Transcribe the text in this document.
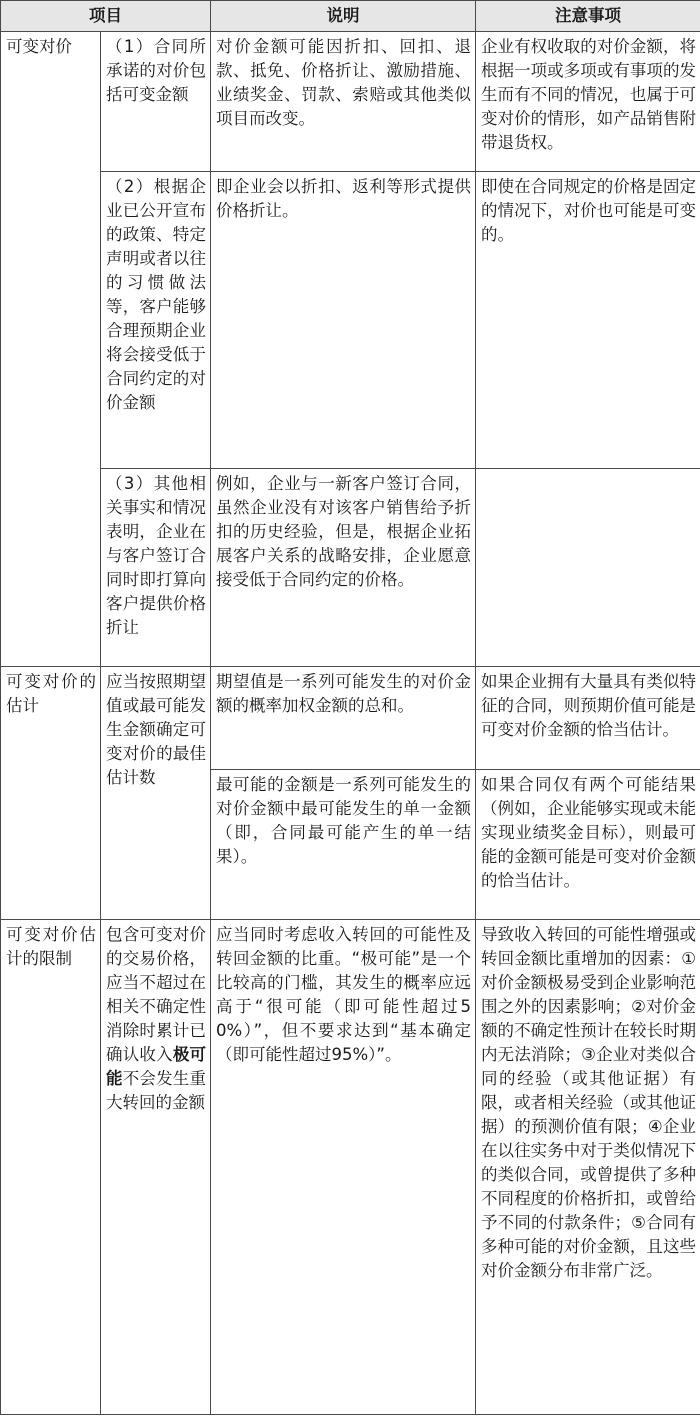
项目		说明	注意事项
可变对价	（1）合同所承诺的对价包括可变金额	对价金额可能因折扣、回扣、退款、抵免、价格折让、激励措施、业绩奖金、罚款、索赔或其他类似项目而改变。	企业有权收取的对价金额，将根据一项或多项或有事项的发生而有不同的情况，也属于可变对价的情形，如产品销售附带退货权。
	（2）根据企业已公开宣布的政策、特定声明或者以往的习惯做法等，客户能够合理预期企业将会接受低于合同约定的对价金额	即企业会以折扣、返利等形式提供价格折让。	即使在合同规定的价格是固定的情况下，对价也可能是可变的。
	（3）其他相关事实和情况表明，企业在与客户签订合同时即打算向客户提供价格折让	例如，企业与一新客户签订合同，虽然企业没有对该客户销售给予折扣的历史经验，但是，根据企业拓展客户关系的战略安排，企业愿意接受低于合同约定的价格。	
可变对价的估计	应当按照期望值或最可能发生金额确定可变对价的最佳估计数	期望值是一系列可能发生的对价金额的概率加权金额的总和。	如果企业拥有大量具有类似特征的合同，则预期价值可能是可变对价金额的恰当估计。
		最可能的金额是一系列可能发生的对价金额中最可能发生的单一金额（即，合同最可能产生的单一结果）。	如果合同仅有两个可能结果（例如，企业能够实现或未能实现业绩奖金目标），则最可能的金额可能是可变对价金额的恰当估计。
可变对价估计的限制	包含可变对价的交易价格，应当不超过在相关不确定性消除时累计已确认收入极可能不会发生重大转回的金额	应当同时考虑收入转回的可能性及转回金额的比重。“极可能”是一个比较高的门槛，其发生的概率应远高于“很可能（即可能性超过50%）”，但不要求达到“基本确定（即可能性超过95%）”。	导致收入转回的可能性增强或转回金额比重增加的因素：①对价金额极易受到企业影响范围之外的因素影响；②对价金额的不确定性预计在较长时期内无法消除；③企业对类似合同的经验（或其他证据）有限，或者相关经验（或其他证据）的预测价值有限；④企业在以往实务中对于类似情况下的类似合同，或曾提供了多种不同程度的价格折扣，或曾给予不同的付款条件；⑤合同有多种可能的对价金额，且这些对价金额分布非常广泛。
